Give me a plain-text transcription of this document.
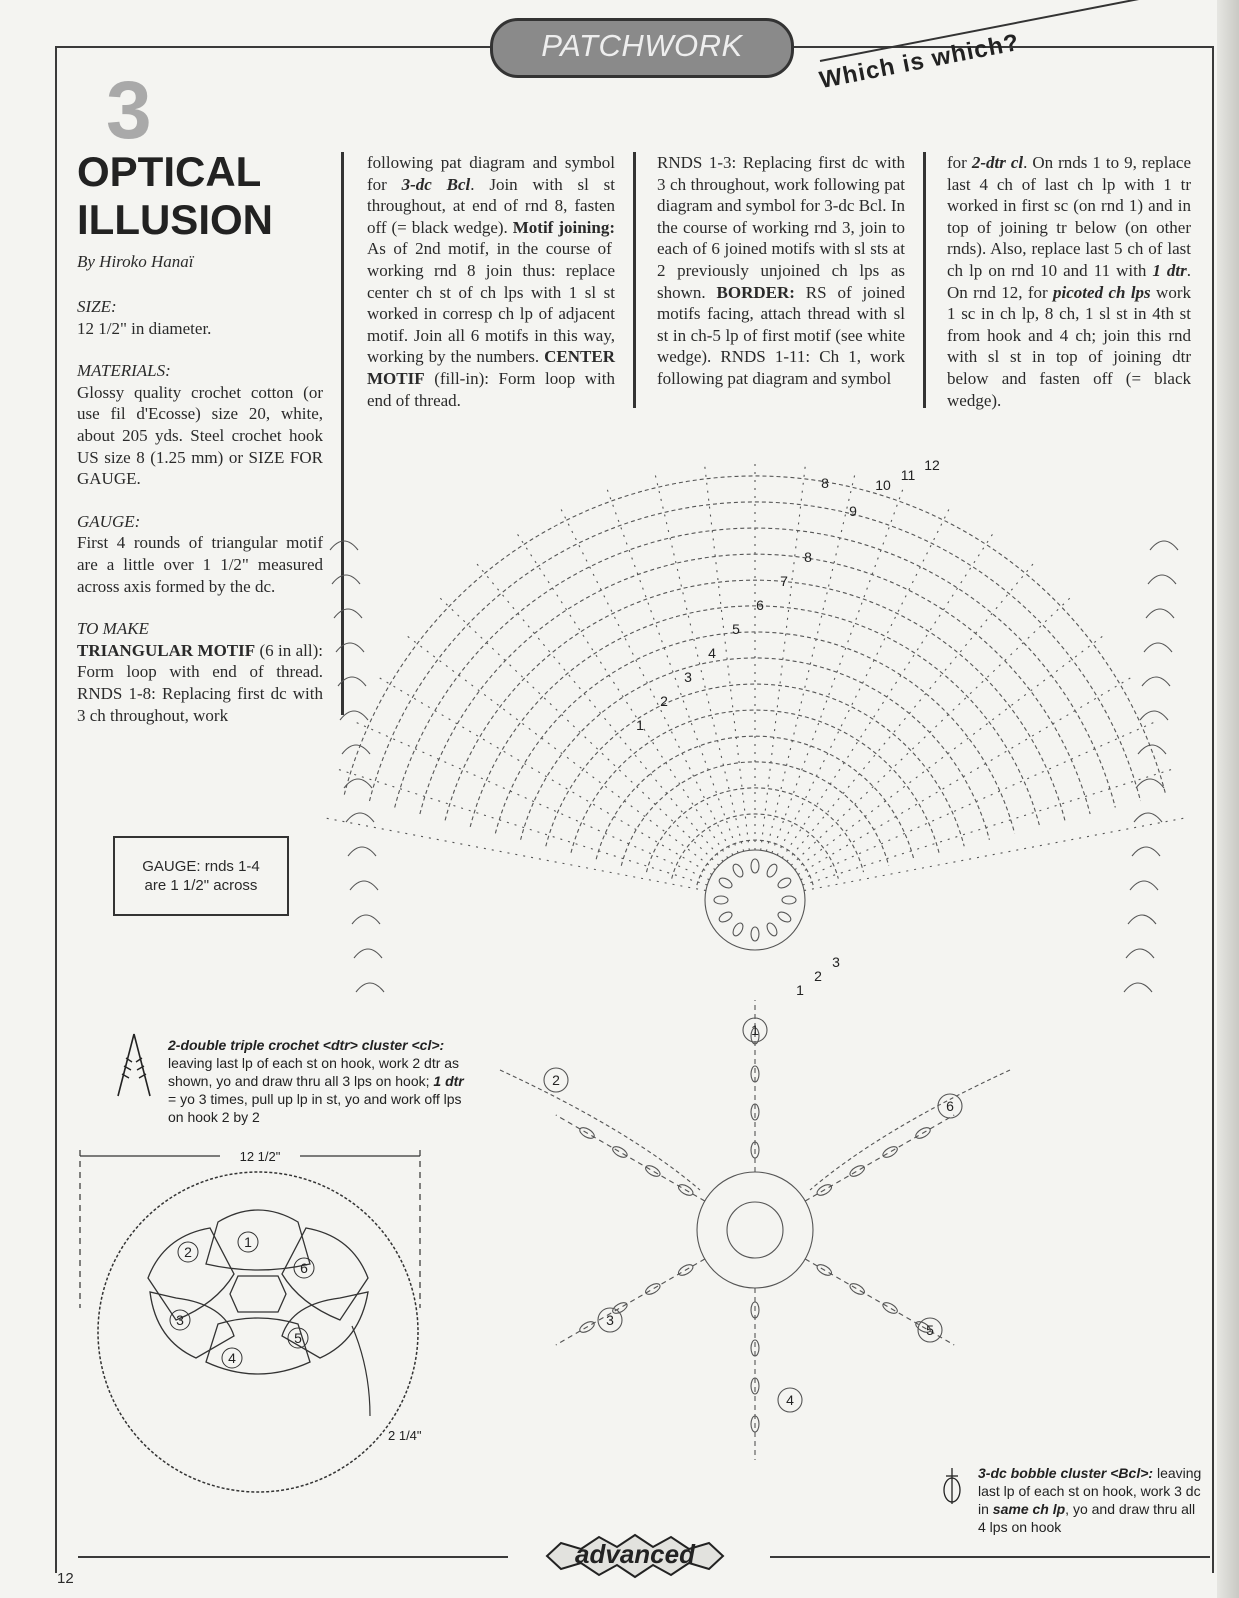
PATCHWORK	Which is which?
3
OPTICAL
ILLUSION
By Hiroko Hanaï
SIZE:

12 1/2" in diameter.

MATERIALS:

Glossy quality crochet cotton (or use fil d'Ecosse) size 20, white, about 205 yds. Steel crochet hook US size 8 (1.25 mm) or SIZE FOR GAUGE.

GAUGE:

First 4 rounds of triangular motif are a little over 1 1/2" measured across axis formed by the dc.

TO MAKE

TRIANGULAR MOTIF (6 in all): Form loop with end of thread. RNDS 1-8: Replacing first dc with 3 ch throughout, work

following pat diagram and symbol for 3-dc Bcl. Join with sl st throughout, at end of rnd 8, fasten off (= black wedge). Motif joining: As of 2nd motif, in the course of working rnd 8 join thus: replace center ch st of ch lps with 1 sl st worked in corresp ch lp of adjacent motif. Join all 6 motifs in this way, working by the numbers. CENTER MOTIF (fill-in): Form loop with end of thread.

RNDS 1-3: Replacing first dc with 3 ch throughout, work following pat diagram and symbol for 3-dc Bcl. In the course of working rnd 3, join to each of 6 joined motifs with sl sts at 2 previously unjoined ch lps as shown. BORDER: RS of joined motifs facing, attach thread with sl st in ch-5 lp of first motif (see white wedge). RNDS 1-11: Ch 1, work following pat diagram and symbol

for 2-dtr cl. On rnds 1 to 9, replace last 4 ch of last ch lp with 1 tr worked in first sc (on rnd 1) and in top of joining tr below (on other rnds). Also, replace last 5 ch of last ch lp on rnd 10 and 11 with 1 dtr. On rnd 12, for picoted ch lps work 1 sc in ch lp, 8 ch, 1 sl st in 4th st from hook and 4 ch; join this rnd with sl st in top of joining dtr below and fasten off (= black wedge).

GAUGE: rnds 1-4
are 1 1/2" across
2-double triple crochet <dtr> cluster <cl>: leaving last lp of each st on hook, work 2 dtr as shown, yo and draw thru all 3 lps on hook; 1 dtr = yo 3 times, pull up lp in st, yo and work off lps on hook 2 by 2
3-dc bobble cluster <Bcl>: leaving last lp of each st on hook, work 3 dc in same ch lp, yo and draw thru all 4 lps on hook
12 1/2"
1
6
5
4
3
2
2 1/4"
1
2
3
4
5
6
8
9
10
11
12
1
2
3
4
5
6
7
8
1
2
3
12
advanced
